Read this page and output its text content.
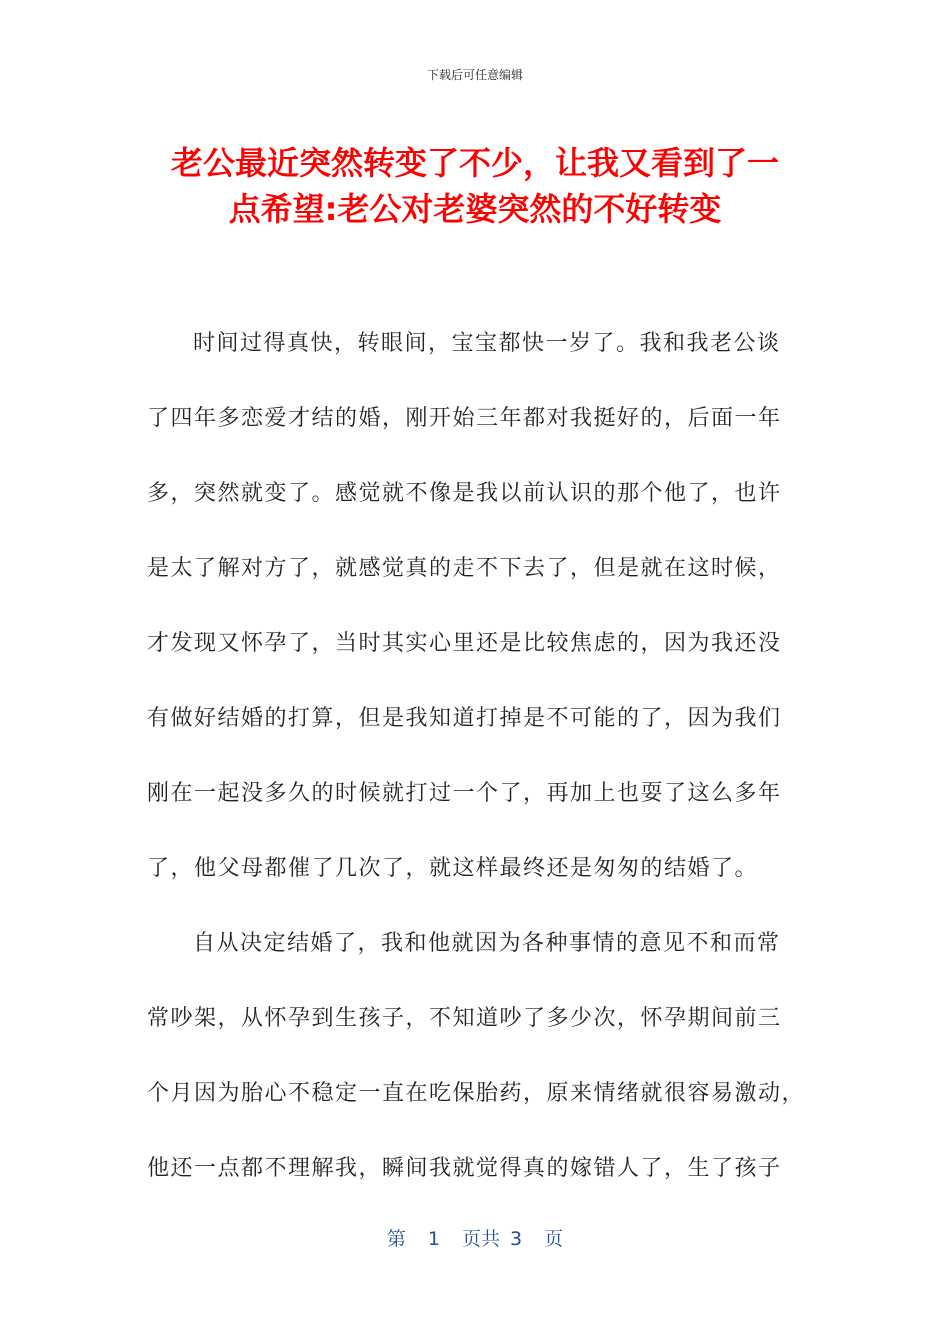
下载后可任意编辑
老公最近突然转变了不少，让我又看到了一
点希望:老公对老婆突然的不好转变
时间过得真快，转眼间，宝宝都快一岁了。我和我老公谈
了四年多恋爱才结的婚，刚开始三年都对我挺好的，后面一年
多，突然就变了。感觉就不像是我以前认识的那个他了，也许
是太了解对方了，就感觉真的走不下去了，但是就在这时候，
才发现又怀孕了，当时其实心里还是比较焦虑的，因为我还没
有做好结婚的打算，但是我知道打掉是不可能的了，因为我们
刚在一起没多久的时候就打过一个了，再加上也耍了这么多年
了，他父母都催了几次了，就这样最终还是匆匆的结婚了。
自从决定结婚了，我和他就因为各种事情的意见不和而常
常吵架，从怀孕到生孩子，不知道吵了多少次，怀孕期间前三
个月因为胎心不稳定一直在吃保胎药，原来情绪就很容易激动，
他还一点都不理解我，瞬间我就觉得真的嫁错人了，生了孩子
第 1 页共 3 页
